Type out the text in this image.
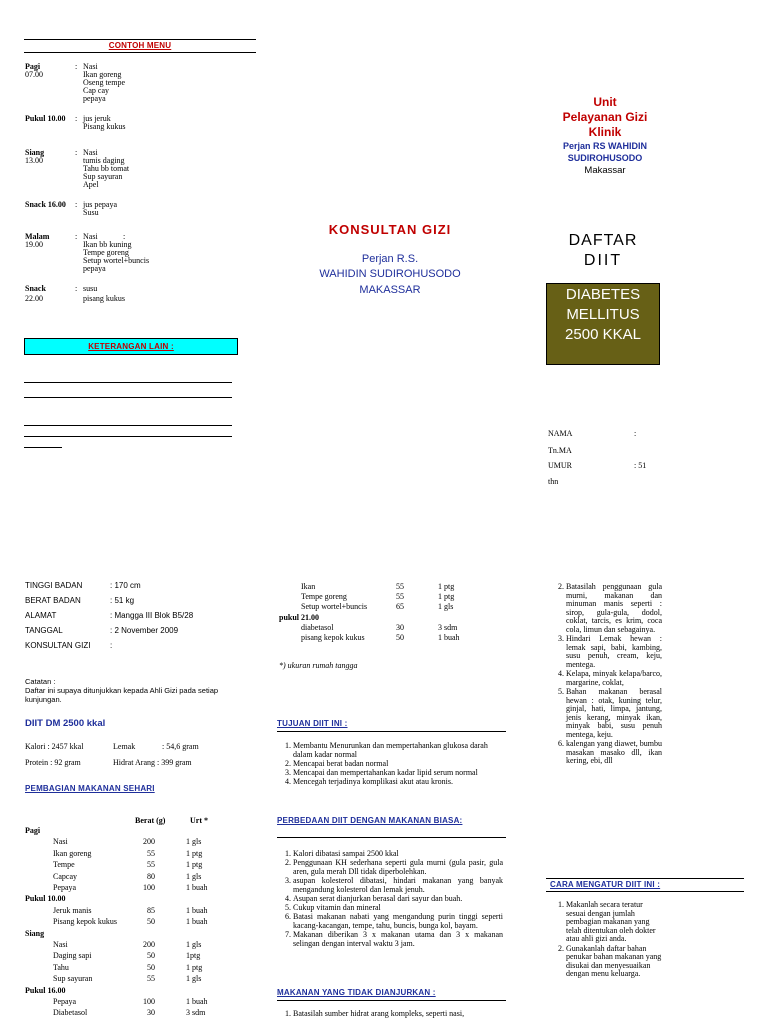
CONTOH MENU
Pagi
07.00
: Nasi
Ikan goreng
Oseng tempe
Cap cay
pepaya
Pukul 10.00 : jus jeruk
Pisang kukus
Siang
13.00
: Nasi
tumis daging
Tahu bb tomat
Sup sayuran
Apel
Snack 16.00 : jus pepaya
Susu
Malam
19.00
: Nasi	:
Ikan bb kuning
Tempe goreng
Setup wortel+buncis
pepaya
Snack
22.00
: susu
pisang kukus
KETERANGAN LAIN :
KONSULTAN GIZI
Perjan R.S.
WAHIDIN SUDIROHUSODO
MAKASSAR
Unit
Pelayanan Gizi
Klinik
Perjan RS WAHIDIN
SUDIROHUSODO
Makassar
DAFTAR
DIIT
DIABETES
MELLITUS
2500 KKAL
NAMA	:
Tn.MA
UMUR	: 51
thn
TINGGI BADAN	: 170 cm
BERAT BADAN	: 51 kg
ALAMAT	: Mangga III Blok B5/28
TANGGAL	: 2 November 2009
KONSULTAN GIZI :
Catatan :
Daftar ini supaya ditunjukkan kepada Ahli Gizi pada setiap kunjungan.
DIIT DM 2500 kkal
Kalori : 2457 kkal	Lemak	: 54,6 gram
Protein : 92 gram	Hidrat Arang : 399 gram
PEMBAGIAN MAKANAN SEHARI
Berat (g)	Urt *
Pagi
Nasi	200	1 gls
Ikan goreng	55	1 ptg
Tempe	55	1 ptg
Capcay	80	1 gls
Pepaya	100	1 buah
Pukul 10.00
Jeruk manis	85	1 buah
Pisang kepok kukus	50	1 buah
Siang
Nasi	200	1 gls
Daging sapi	50	1ptg
Tahu	50	1 ptg
Sup sayuran	55	1 gls
Pukul 16.00
Pepaya	100	1 buah
Diabetasol	30	3 sdm
Ikan	55	1 ptg
Tempe goreng	55	1 ptg
Setup wortel+buncis	65	1 gls
pukul 21.00
diabetasol	30	3 sdm
pisang kepok kukus	50	1 buah
*) ukuran rumah tangga
TUJUAN DIIT INI :
1. Membantu Menurunkan dan mempertahankan glukosa darah dalam kadar normal
2. Mencapai berat badan normal
3. Mencapai dan mempertahankan kadar lipid serum normal
4. Mencegah terjadinya komplikasi akut atau kronis.
PERBEDAAN DIIT DENGAN MAKANAN BIASA:
1. Kalori dibatasi sampai 2500 kkal
2. Penggunaan KH sederhana seperti gula murni (gula pasir, gula aren, gula merah Dll tidak diperbolehkan.
3. asupan kolesterol dibatasi, hindari makanan yang banyak mengandung kolesterol dan lemak jenuh.
4. Asupan serat dianjurkan berasal dari sayur dan buah.
5. Cukup vitamin dan mineral
6. Batasi makanan nabati yang mengandung purin tinggi seperti kacang-kacangan, tempe, tahu, buncis, bunga kol, bayam.
7. Makanan diberikan 3 x makanan utama dan 3 x makanan selingan dengan interval waktu 3 jam.
MAKANAN YANG TIDAK DIANJURKAN :
1. Batasilah sumber hidrat arang kompleks, seperti nasi,
2. Batasilah penggunaan gula murni, makanan dan minuman manis seperti : sirop, gula-gula, dodol, coklat, tarcis, es krim, coca cola, limun dan sebagainya.
3. Hindari Lemak hewan : lemak sapi, babi, kambing, susu penuh, cream, keju, mentega.
4. Kelapa, minyak kelapa/barco, margarine, coklat,
5. Bahan makanan berasal hewan : otak, kuning telur, ginjal, hati, limpa, jantung, jenis kerang, minyak ikan, minyak babi, susu penuh mentega, keju.
6. kalengan yang diawet, bumbu masakan masako dll, ikan kering, ebi, dll
CARA MENGATUR DIIT INI :
1. Makanlah secara teratur sesuai dengan jumlah pembagian makanan yang telah ditentukan oleh dokter atau ahli gizi anda.
2. Gunakanlah daftar bahan penukar bahan makanan yang disukai dan menyesuaikan dengan menu keluarga.
